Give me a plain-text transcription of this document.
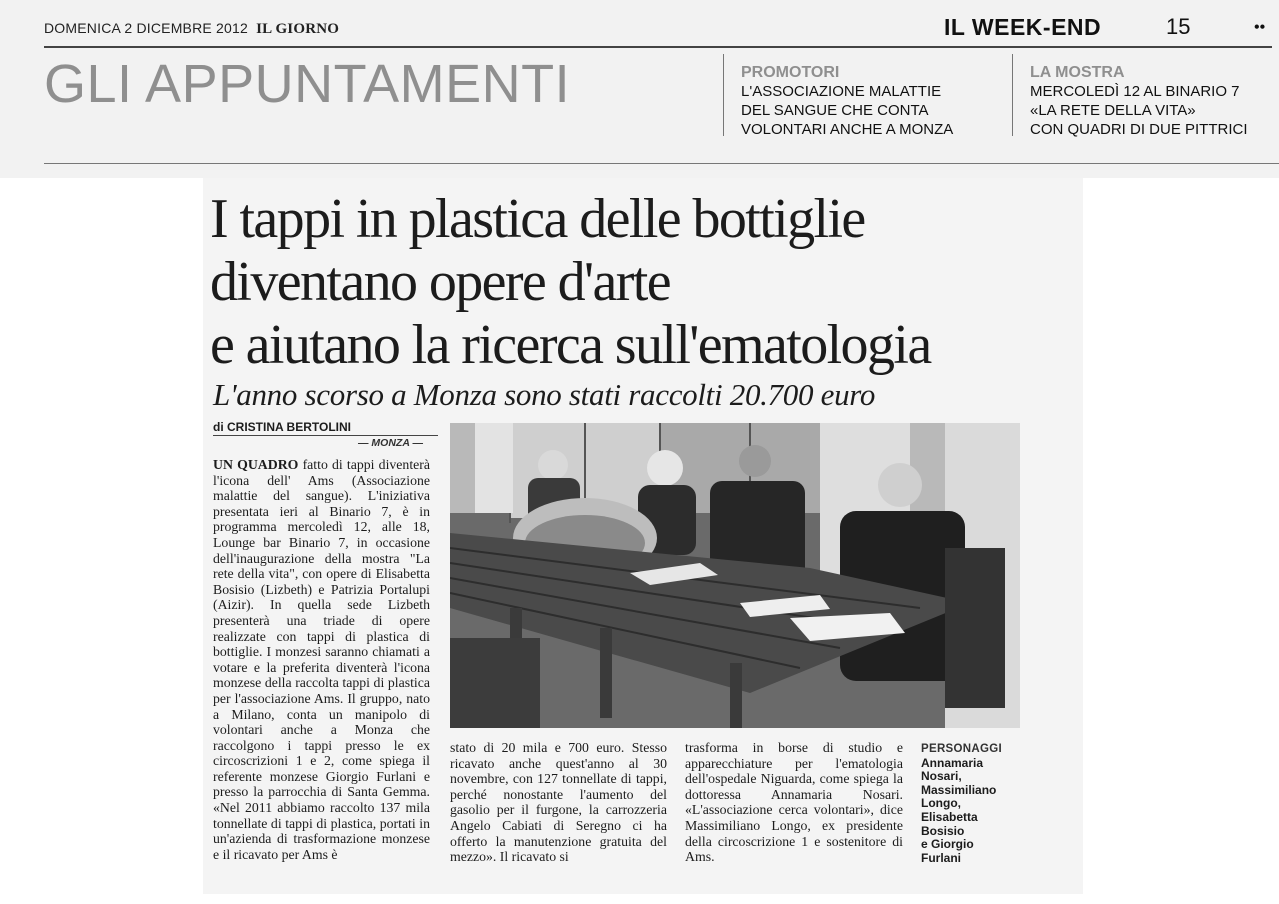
DOMENICA 2 DICEMBRE 2012 IL GIORNO	IL WEEK-END	15	••
GLI APPUNTAMENTI	PROMOTORI
L'ASSOCIAZIONE MALATTIE
DEL SANGUE CHE CONTA
VOLONTARI ANCHE A MONZA
LA MOSTRA
MERCOLEDÌ 12 AL BINARIO 7
«LA RETE DELLA VITA»
CON QUADRI DI DUE PITTRICI
I tappi in plastica delle bottiglie
diventano opere d'arte
e aiutano la ricerca sull'ematologia
L'anno scorso a Monza sono stati raccolti 20.700 euro
di CRISTINA BERTOLINI
— MONZA —
UN QUADRO fatto di tappi diventerà l'icona dell' Ams (Associazione malattie del sangue). L'iniziativa presentata ieri al Binario 7, è in programma mercoledì 12, alle 18, Lounge bar Binario 7, in occasione dell'inaugurazione della mostra "La rete della vita", con opere di Elisabetta Bosisio (Lizbeth) e Patrizia Portalupi (Aizir). In quella sede Lizbeth presenterà una triade di opere realizzate con tappi di plastica di bottiglie. I monzesi saranno chiamati a votare e la preferita diventerà l'icona monzese della raccolta tappi di plastica per l'associazione Ams. Il gruppo, nato a Milano, conta un manipolo di volontari anche a Monza che raccolgono i tappi presso le ex circoscrizioni 1 e 2, come spiega il referente monzese Giorgio Furlani e presso la parrocchia di Santa Gemma. «Nel 2011 abbiamo raccolto 137 mila tonnellate di tappi di plastica, portati in un'azienda di trasformazione monzese e il ricavato per Ams è
stato di 20 mila e 700 euro. Stesso ricavato anche quest'anno al 30 novembre, con 127 tonnellate di tappi, perché nonostante l'aumento del gasolio per il furgone, la carrozzeria Angelo Cabiati di Seregno ci ha offerto la manutenzione gratuita del mezzo». Il ricavato si
trasforma in borse di studio e apparecchiature per l'ematologia dell'ospedale Niguarda, come spiega la dottoressa Annamaria Nosari. «L'associazione cerca volontari», dice Massimiliano Longo, ex presidente della circoscrizione 1 e sostenitore di Ams.
PERSONAGGI
Annamaria
Nosari,
Massimiliano
Longo,
Elisabetta
Bosisio
e Giorgio
Furlani
